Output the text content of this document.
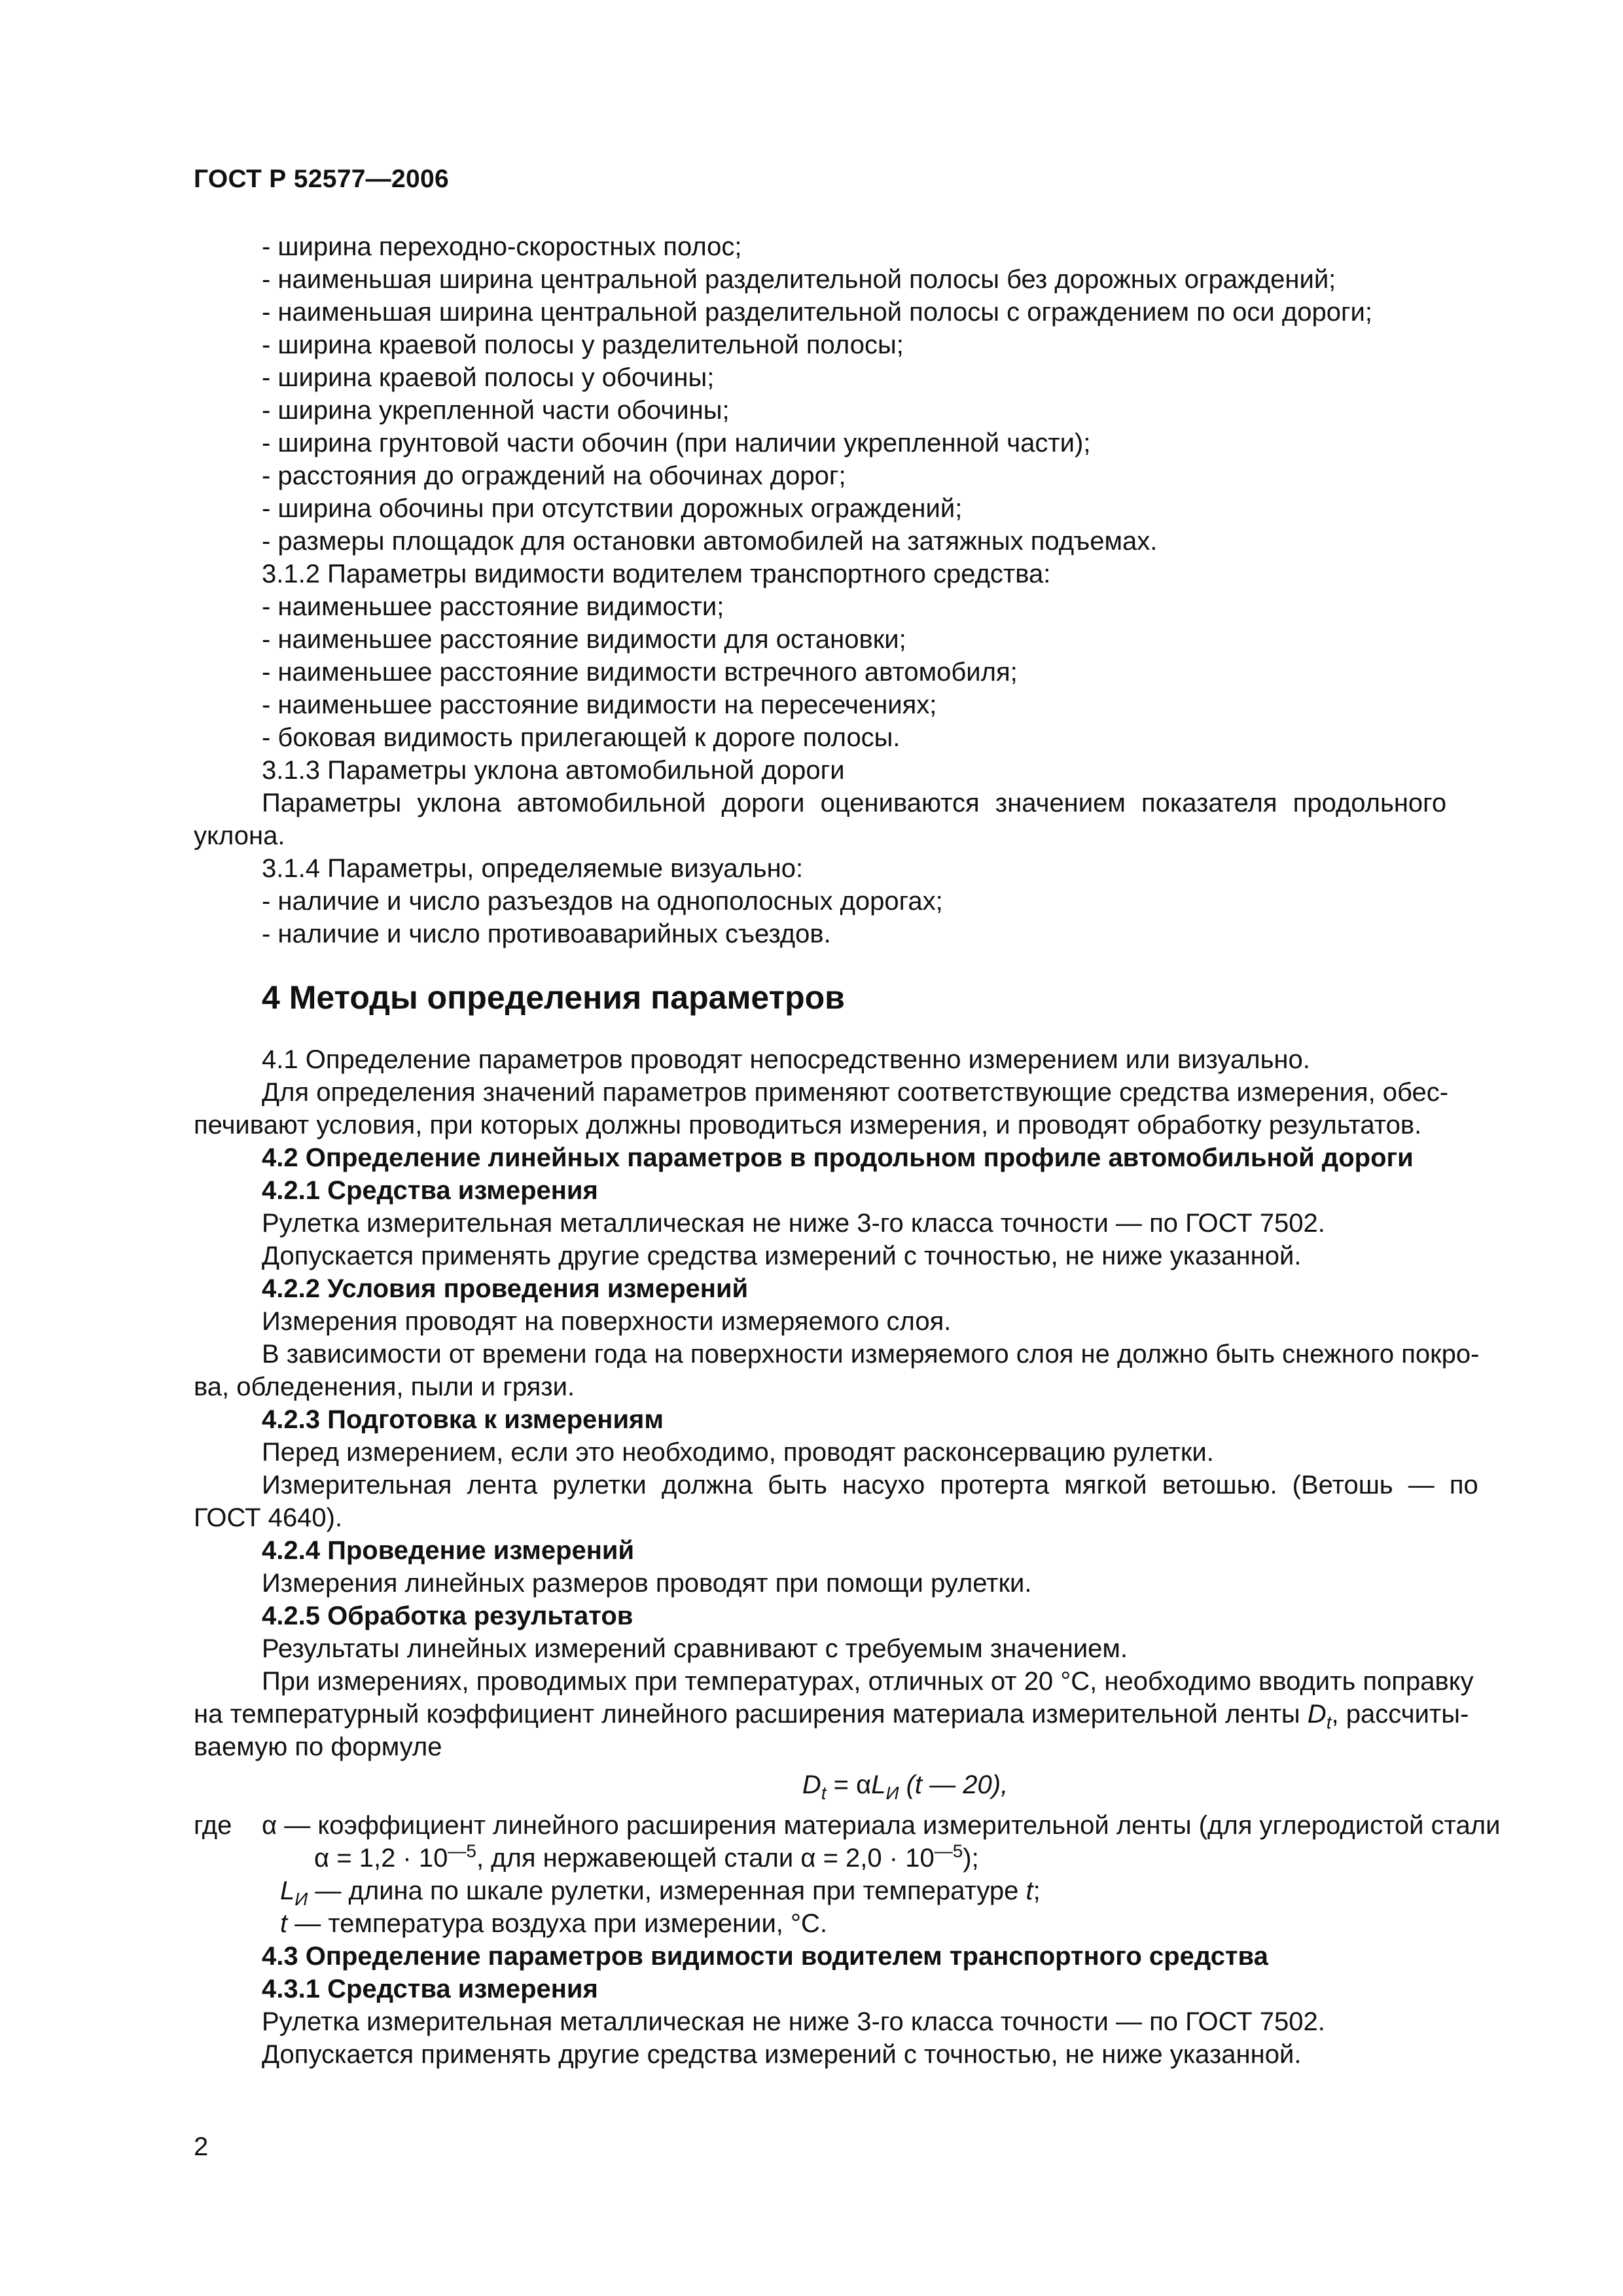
ГОСТ Р 52577—2006
- ширина переходно-скоростных полос;
- наименьшая ширина центральной разделительной полосы без дорожных ограждений;
- наименьшая ширина центральной разделительной полосы с ограждением по оси дороги;
- ширина краевой полосы у разделительной полосы;
- ширина краевой полосы у обочины;
- ширина укрепленной части обочины;
- ширина грунтовой части обочин (при наличии укрепленной части);
- расстояния до ограждений на обочинах дорог;
- ширина обочины при отсутствии дорожных ограждений;
- размеры площадок для остановки автомобилей на затяжных подъемах.
3.1.2 Параметры видимости водителем транспортного средства:
- наименьшее расстояние видимости;
- наименьшее расстояние видимости для остановки;
- наименьшее расстояние видимости встречного автомобиля;
- наименьшее расстояние видимости на пересечениях;
- боковая видимость прилегающей к дороге полосы.
3.1.3 Параметры уклона автомобильной дороги
Параметры уклона автомобильной дороги оцениваются значением показателя продольного
уклона.
3.1.4 Параметры, определяемые визуально:
- наличие и число разъездов на однополосных дорогах;
- наличие и число противоаварийных съездов.
4 Методы определения параметров
4.1 Определение параметров проводят непосредственно измерением или визуально.
Для определения значений параметров применяют соответствующие средства измерения, обес-
печивают условия, при которых должны проводиться измерения, и проводят обработку результатов.
4.2 Определение линейных параметров в продольном профиле автомобильной дороги
4.2.1 Средства измерения
Рулетка измерительная металлическая не ниже 3-го класса точности — по ГОСТ 7502.
Допускается применять другие средства измерений с точностью, не ниже указанной.
4.2.2 Условия проведения измерений
Измерения проводят на поверхности измеряемого слоя.
В зависимости от времени года на поверхности измеряемого слоя не должно быть снежного покро-
ва, обледенения, пыли и грязи.
4.2.3 Подготовка к измерениям
Перед измерением, если это необходимо, проводят расконсервацию рулетки.
Измерительная лента рулетки должна быть насухо протерта мягкой ветошью. (Ветошь — по
ГОСТ 4640).
4.2.4 Проведение измерений
Измерения линейных размеров проводят при помощи рулетки.
4.2.5 Обработка результатов
Результаты линейных измерений сравнивают с требуемым значением.
При измерениях, проводимых при температурах, отличных от 20 °С, необходимо вводить поправку
на температурный коэффициент линейного расширения материала измерительной ленты $D_t$, рассчиты-
ваемую по формуле
$D_t = \alpha L_И$ (t — 20),
где	α — коэффициент линейного расширения материала измерительной ленты (для углеродистой стали
$\alpha = 1,2 \cdot 10^{—5}$, для нержавеющей стали $\alpha = 2,0 \cdot 10^{—5}$);
$L_И$ — длина по шкале рулетки, измеренная при температуре t;
t — температура воздуха при измерении, °С.
4.3 Определение параметров видимости водителем транспортного средства
4.3.1 Средства измерения
Рулетка измерительная металлическая не ниже 3-го класса точности — по ГОСТ 7502.
Допускается применять другие средства измерений с точностью, не ниже указанной.
2
